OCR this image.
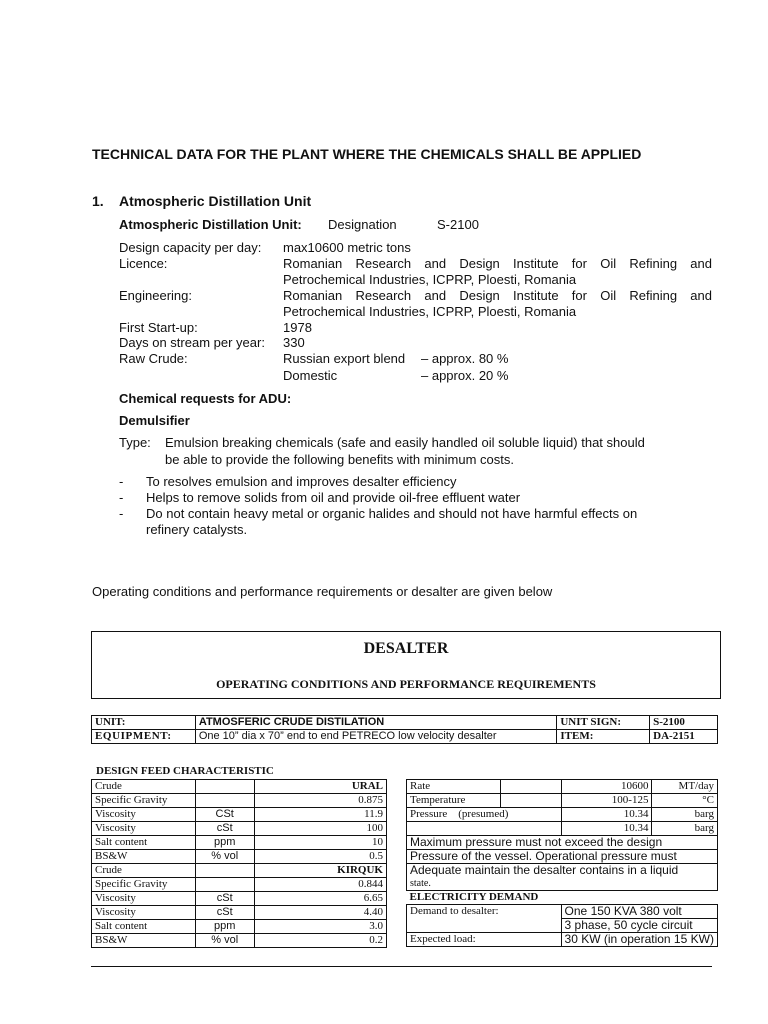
TECHNICAL DATA FOR THE PLANT WHERE THE CHEMICALS SHALL BE APPLIED
1. Atmospheric Distillation Unit
Atmospheric Distillation Unit: Designation	S-2100
Design capacity per day: max10600 metric tons
Licence:	Romanian Research and Design Institute for Oil Refining and
Petrochemical Industries, ICPRP, Ploesti, Romania
Engineering:	Romanian Research and Design Institute for Oil Refining and
Petrochemical Industries, ICPRP, Ploesti, Romania
First Start-up:	1978
Days on stream per year: 330
Raw Crude:	Russian export blend – approx. 80 %
Domestic	– approx. 20 %
Chemical requests for ADU:
Demulsifier
Type: Emulsion breaking chemicals (safe and easily handled oil soluble liquid) that should
be able to provide the following benefits with minimum costs.
- To resolves emulsion and improves desalter efficiency
- Helps to remove solids from oil and provide oil-free effluent water
- Do not contain heavy metal or organic halides and should not have harmful effects on
refinery catalysts.
Operating conditions and performance requirements or desalter are given below
DESALTER
OPERATING CONDITIONS AND PERFORMANCE REQUIREMENTS
UNIT:	ATMOSFERIC CRUDE DISTILATION	UNIT SIGN:	S-2100
EQUIPMENT:	One 10” dia x 70” end to end PETRECO low velocity desalter	ITEM:	DA-2151
DESIGN FEED CHARACTERISTIC
Crude		URAL
Specific Gravity		0.875
Viscosity	CSt	11.9
Viscosity	cSt	100
Salt content	ppm	10
BS&W	% vol	0.5
Crude		KIRQUK
Specific Gravity		0.844
Viscosity	cSt	6.65
Viscosity	cSt	4.40
Salt content	ppm	3.0
BS&W	% vol	0.2
Rate		10600	MT/day
Temperature		100-125	°C
Pressure    (presumed)		10.34	barg
		10.34	barg
Maximum pressure must not exceed the design			
Pressure of the vessel. Operational pressure must			
Adequate maintain the desalter contains in a liquid			
state.			
ELECTRICITY DEMAND			
Demand to desalter:		One 150 KVA 380 volt	
		3 phase, 50 cycle circuit	
Expected load:		30 KW (in operation 15 KW)	
